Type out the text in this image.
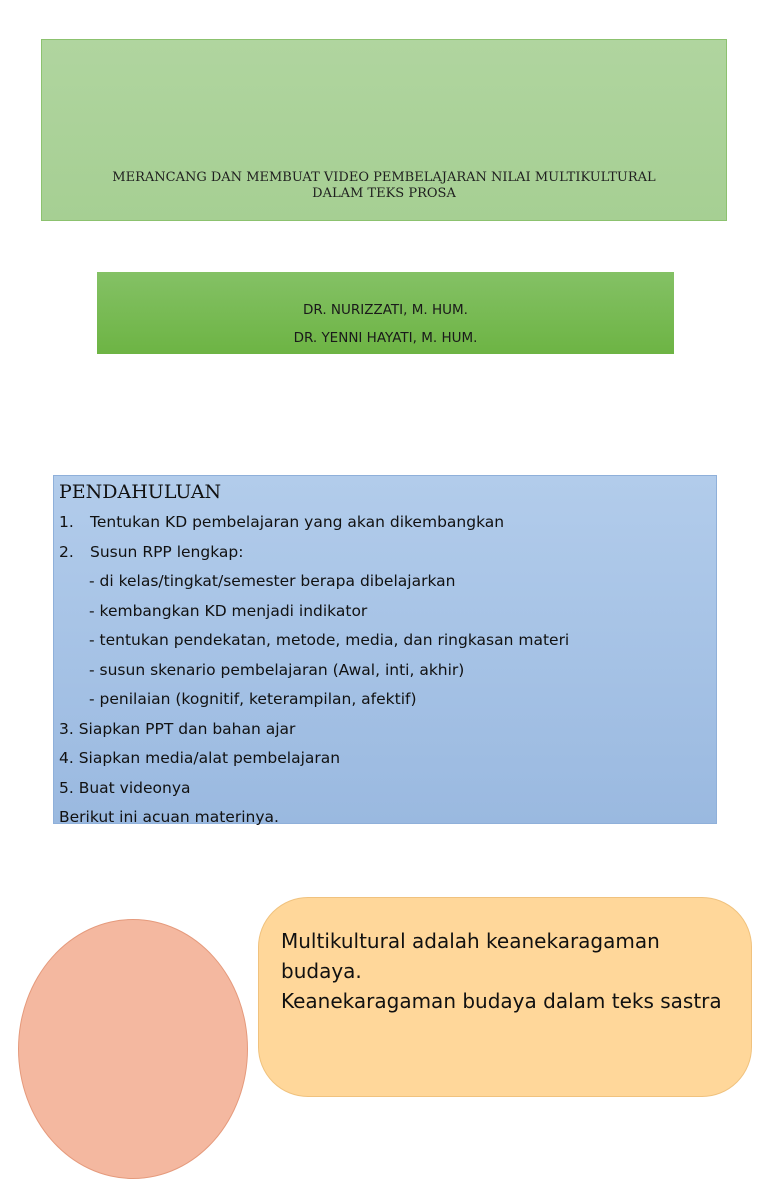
MERANCANG DAN MEMBUAT VIDEO PEMBELAJARAN NILAI MULTIKULTURAL
DALAM TEKS PROSA
DR. NURIZZATI, M. HUM.
DR. YENNI HAYATI, M. HUM.
PENDAHULUAN
1. Tentukan KD pembelajaran yang akan dikembangkan
2. Susun RPP lengkap:
- di kelas/tingkat/semester berapa dibelajarkan
- kembangkan KD menjadi indikator
- tentukan pendekatan, metode, media, dan ringkasan materi
- susun skenario pembelajaran (Awal, inti, akhir)
- penilaian (kognitif, keterampilan, afektif)
3. Siapkan PPT dan bahan ajar
4. Siapkan media/alat pembelajaran
5. Buat videonya
Berikut ini acuan materinya.
Multikultural adalah keanekaragaman
budaya.
Keanekaragaman budaya dalam teks sastra
